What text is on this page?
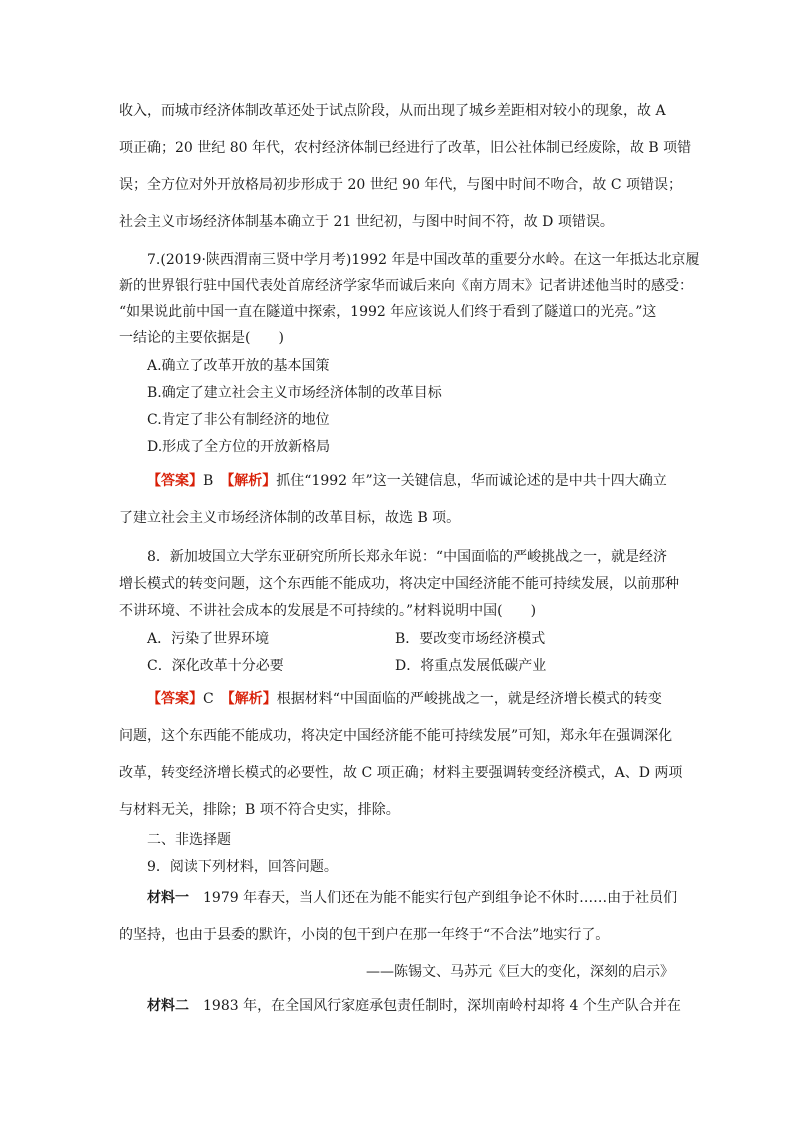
收入，而城市经济体制改革还处于试点阶段，从而出现了城乡差距相对较小的现象，故 A
项正确；20 世纪 80 年代，农村经济体制已经进行了改革，旧公社体制已经废除，故 B 项错
误；全方位对外开放格局初步形成于 20 世纪 90 年代，与图中时间不吻合，故 C 项错误；
社会主义市场经济体制基本确立于 21 世纪初，与图中时间不符，故 D 项错误。
7.(2019·陕西渭南三贤中学月考)1992 年是中国改革的重要分水岭。在这一年抵达北京履
新的世界银行驻中国代表处首席经济学家华而诚后来向《南方周末》记者讲述他当时的感受：
“如果说此前中国一直在隧道中探索，1992 年应该说人们终于看到了隧道口的光亮。”这
一结论的主要依据是(　　)
A.确立了改革开放的基本国策
B.确定了建立社会主义市场经济体制的改革目标
C.肯定了非公有制经济的地位
D.形成了全方位的开放新格局
【答案】B　 【解析】抓住“1992 年”这一关键信息，华而诚论述的是中共十四大确立
了建立社会主义市场经济体制的改革目标，故选 B 项。
8．新加坡国立大学东亚研究所所长郑永年说：“中国面临的严峻挑战之一，就是经济
增长模式的转变问题，这个东西能不能成功，将决定中国经济能不能可持续发展，以前那种
不讲环境、不讲社会成本的发展是不可持续的。”材料说明中国(　　)
A．污染了世界环境	B．要改变市场经济模式
C．深化改革十分必要	D．将重点发展低碳产业
【答案】C　 【解析】根据材料“中国面临的严峻挑战之一，就是经济增长模式的转变
问题，这个东西能不能成功，将决定中国经济能不能可持续发展”可知，郑永年在强调深化
改革，转变经济增长模式的必要性，故 C 项正确；材料主要强调转变经济模式，A、D 两项
与材料无关，排除；B 项不符合史实，排除。
二、非选择题
9．阅读下列材料，回答问题。
材料一　1979 年春天，当人们还在为能不能实行包产到组争论不休时……由于社员们
的坚持，也由于县委的默许，小岗的包干到户在那一年终于“不合法”地实行了。
——陈锡文、马苏元《巨大的变化，深刻的启示》
材料二　1983 年，在全国风行家庭承包责任制时，深圳南岭村却将 4 个生产队合并在
